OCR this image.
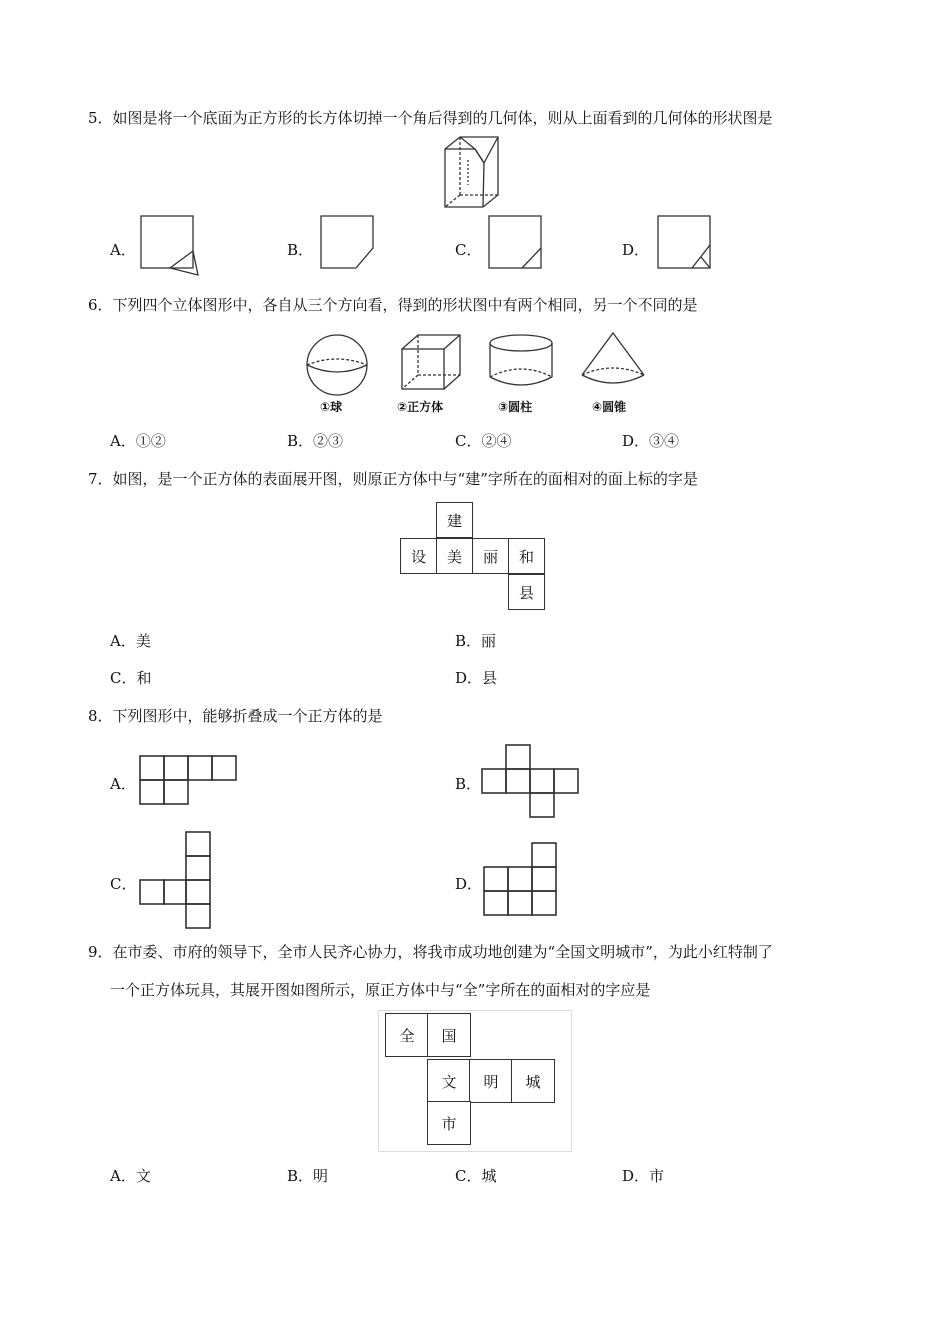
5．如图是将一个底面为正方形的长方体切掉一个角后得到的几何体，则从上面看到的几何体的形状图是
A．	B．	C．	D．
6．下列四个立体图形中，各自从三个方向看，得到的形状图中有两个相同，另一个不同的是
①球	②正方体	③圆柱	④圆锥
A．①②	B．②③	C．②④	D．③④
7．如图，是一个正方体的表面展开图，则原正方体中与“建”字所在的面相对的面上标的字是
建
设	美	丽	和
县
A．美	B．丽
C．和	D．县
8．下列图形中，能够折叠成一个正方体的是
A．	B．
C．	D．
9．在市委、市府的领导下，全市人民齐心协力，将我市成功地创建为“全国文明城市”，为此小红特制了
一个正方体玩具，其展开图如图所示，原正方体中与“全”字所在的面相对的字应是
全	国
文	明	城
市
A．文	B．明	C．城	D．市
